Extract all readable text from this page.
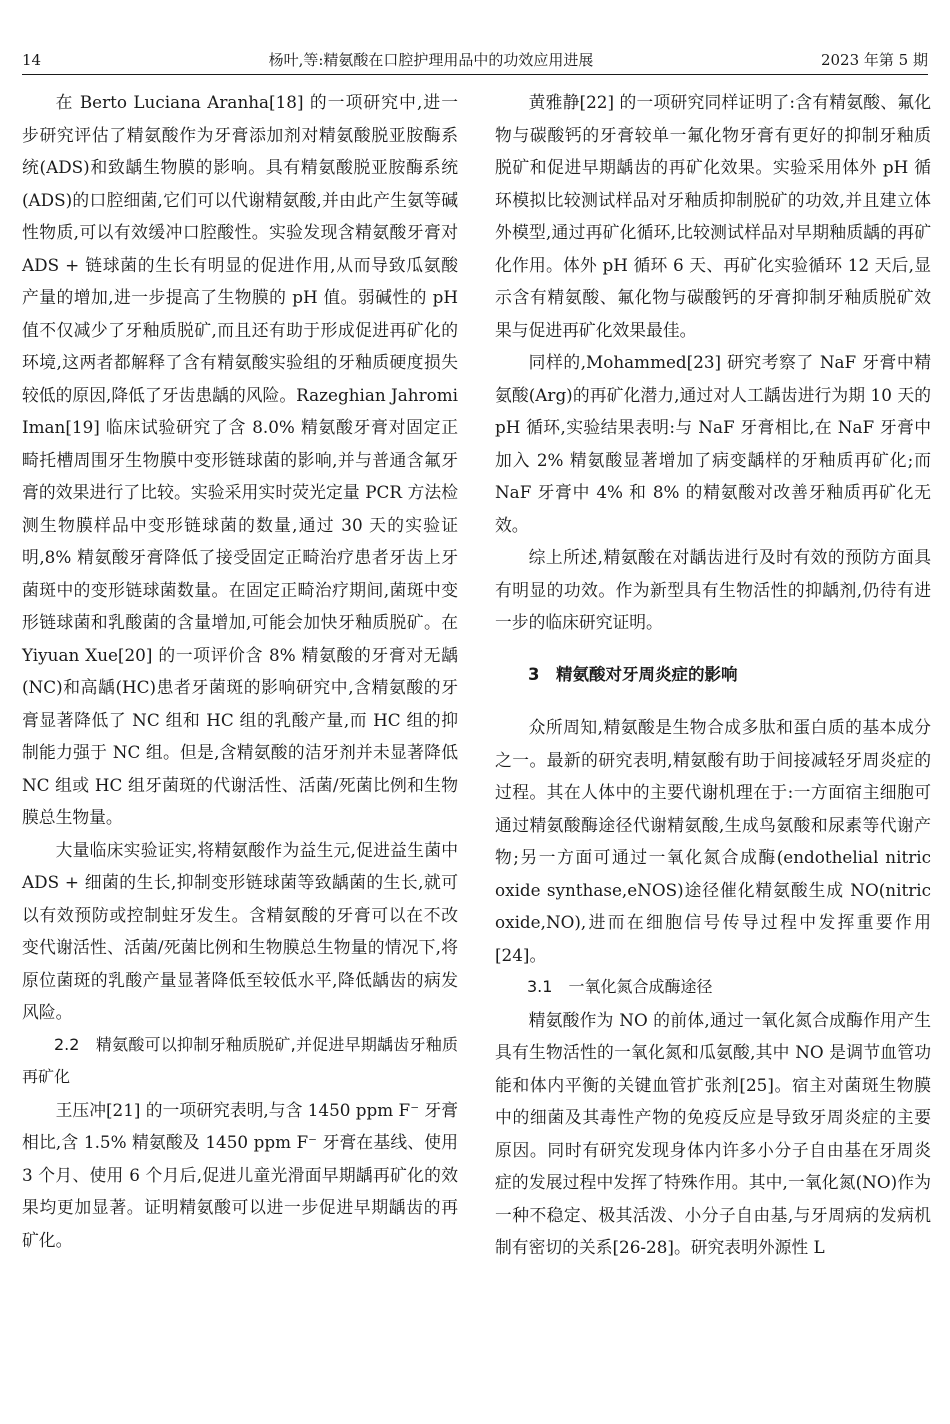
14	杨叶,等:精氨酸在口腔护理用品中的功效应用进展	2023 年第 5 期

在 Berto Luciana Aranha[18] 的一项研究中,进一步研究评估了精氨酸作为牙膏添加剂对精氨酸脱亚胺酶系统(ADS)和致龋生物膜的影响。具有精氨酸脱亚胺酶系统(ADS)的口腔细菌,它们可以代谢精氨酸,并由此产生氨等碱性物质,可以有效缓冲口腔酸性。实验发现含精氨酸牙膏对 ADS + 链球菌的生长有明显的促进作用,从而导致瓜氨酸产量的增加,进一步提高了生物膜的 pH 值。弱碱性的 pH 值不仅减少了牙釉质脱矿,而且还有助于形成促进再矿化的环境,这两者都解释了含有精氨酸实验组的牙釉质硬度损失较低的原因,降低了牙齿患龋的风险。Razeghian Jahromi Iman[19] 临床试验研究了含 8.0% 精氨酸牙膏对固定正畸托槽周围牙生物膜中变形链球菌的影响,并与普通含氟牙膏的效果进行了比较。实验采用实时荧光定量 PCR 方法检测生物膜样品中变形链球菌的数量,通过 30 天的实验证明,8% 精氨酸牙膏降低了接受固定正畸治疗患者牙齿上牙菌斑中的变形链球菌数量。在固定正畸治疗期间,菌斑中变形链球菌和乳酸菌的含量增加,可能会加快牙釉质脱矿。在 Yiyuan Xue[20] 的一项评价含 8% 精氨酸的牙膏对无龋(NC)和高龋(HC)患者牙菌斑的影响研究中,含精氨酸的牙膏显著降低了 NC 组和 HC 组的乳酸产量,而 HC 组的抑制能力强于 NC 组。但是,含精氨酸的洁牙剂并未显著降低 NC 组或 HC 组牙菌斑的代谢活性、活菌/死菌比例和生物膜总生物量。

大量临床实验证实,将精氨酸作为益生元,促进益生菌中 ADS + 细菌的生长,抑制变形链球菌等致龋菌的生长,就可以有效预防或控制蛀牙发生。含精氨酸的牙膏可以在不改变代谢活性、活菌/死菌比例和生物膜总生物量的情况下,将原位菌斑的乳酸产量显著降低至较低水平,降低龋齿的病发风险。

2.2　精氨酸可以抑制牙釉质脱矿,并促进早期龋齿牙釉质再矿化

王压冲[21] 的一项研究表明,与含 1450 ppm F⁻ 牙膏相比,含 1.5% 精氨酸及 1450 ppm F⁻ 牙膏在基线、使用 3 个月、使用 6 个月后,促进儿童光滑面早期龋再矿化的效果均更加显著。证明精氨酸可以进一步促进早期龋齿的再矿化。

黄雅静[22] 的一项研究同样证明了:含有精氨酸、氟化物与碳酸钙的牙膏较单一氟化物牙膏有更好的抑制牙釉质脱矿和促进早期龋齿的再矿化效果。实验采用体外 pH 循环模拟比较测试样品对牙釉质抑制脱矿的功效,并且建立体外模型,通过再矿化循环,比较测试样品对早期釉质龋的再矿化作用。体外 pH 循环 6 天、再矿化实验循环 12 天后,显示含有精氨酸、氟化物与碳酸钙的牙膏抑制牙釉质脱矿效果与促进再矿化效果最佳。

同样的,Mohammed[23] 研究考察了 NaF 牙膏中精氨酸(Arg)的再矿化潜力,通过对人工龋齿进行为期 10 天的 pH 循环,实验结果表明:与 NaF 牙膏相比,在 NaF 牙膏中加入 2% 精氨酸显著增加了病变龋样的牙釉质再矿化;而 NaF 牙膏中 4% 和 8% 的精氨酸对改善牙釉质再矿化无效。

综上所述,精氨酸在对龋齿进行及时有效的预防方面具有明显的功效。作为新型具有生物活性的抑龋剂,仍待有进一步的临床研究证明。

3　精氨酸对牙周炎症的影响

众所周知,精氨酸是生物合成多肽和蛋白质的基本成分之一。最新的研究表明,精氨酸有助于间接减轻牙周炎症的过程。其在人体中的主要代谢机理在于:一方面宿主细胞可通过精氨酸酶途径代谢精氨酸,生成鸟氨酸和尿素等代谢产物;另一方面可通过一氧化氮合成酶(endothelial nitric oxide synthase,eNOS)途径催化精氨酸生成 NO(nitric oxide,NO),进而在细胞信号传导过程中发挥重要作用[24]。

3.1　一氧化氮合成酶途径

精氨酸作为 NO 的前体,通过一氧化氮合成酶作用产生具有生物活性的一氧化氮和瓜氨酸,其中 NO 是调节血管功能和体内平衡的关键血管扩张剂[25]。宿主对菌斑生物膜中的细菌及其毒性产物的免疫反应是导致牙周炎症的主要原因。同时有研究发现身体内许多小分子自由基在牙周炎症的发展过程中发挥了特殊作用。其中,一氧化氮(NO)作为一种不稳定、极其活泼、小分子自由基,与牙周病的发病机制有密切的关系[26-28]。研究表明外源性 L
